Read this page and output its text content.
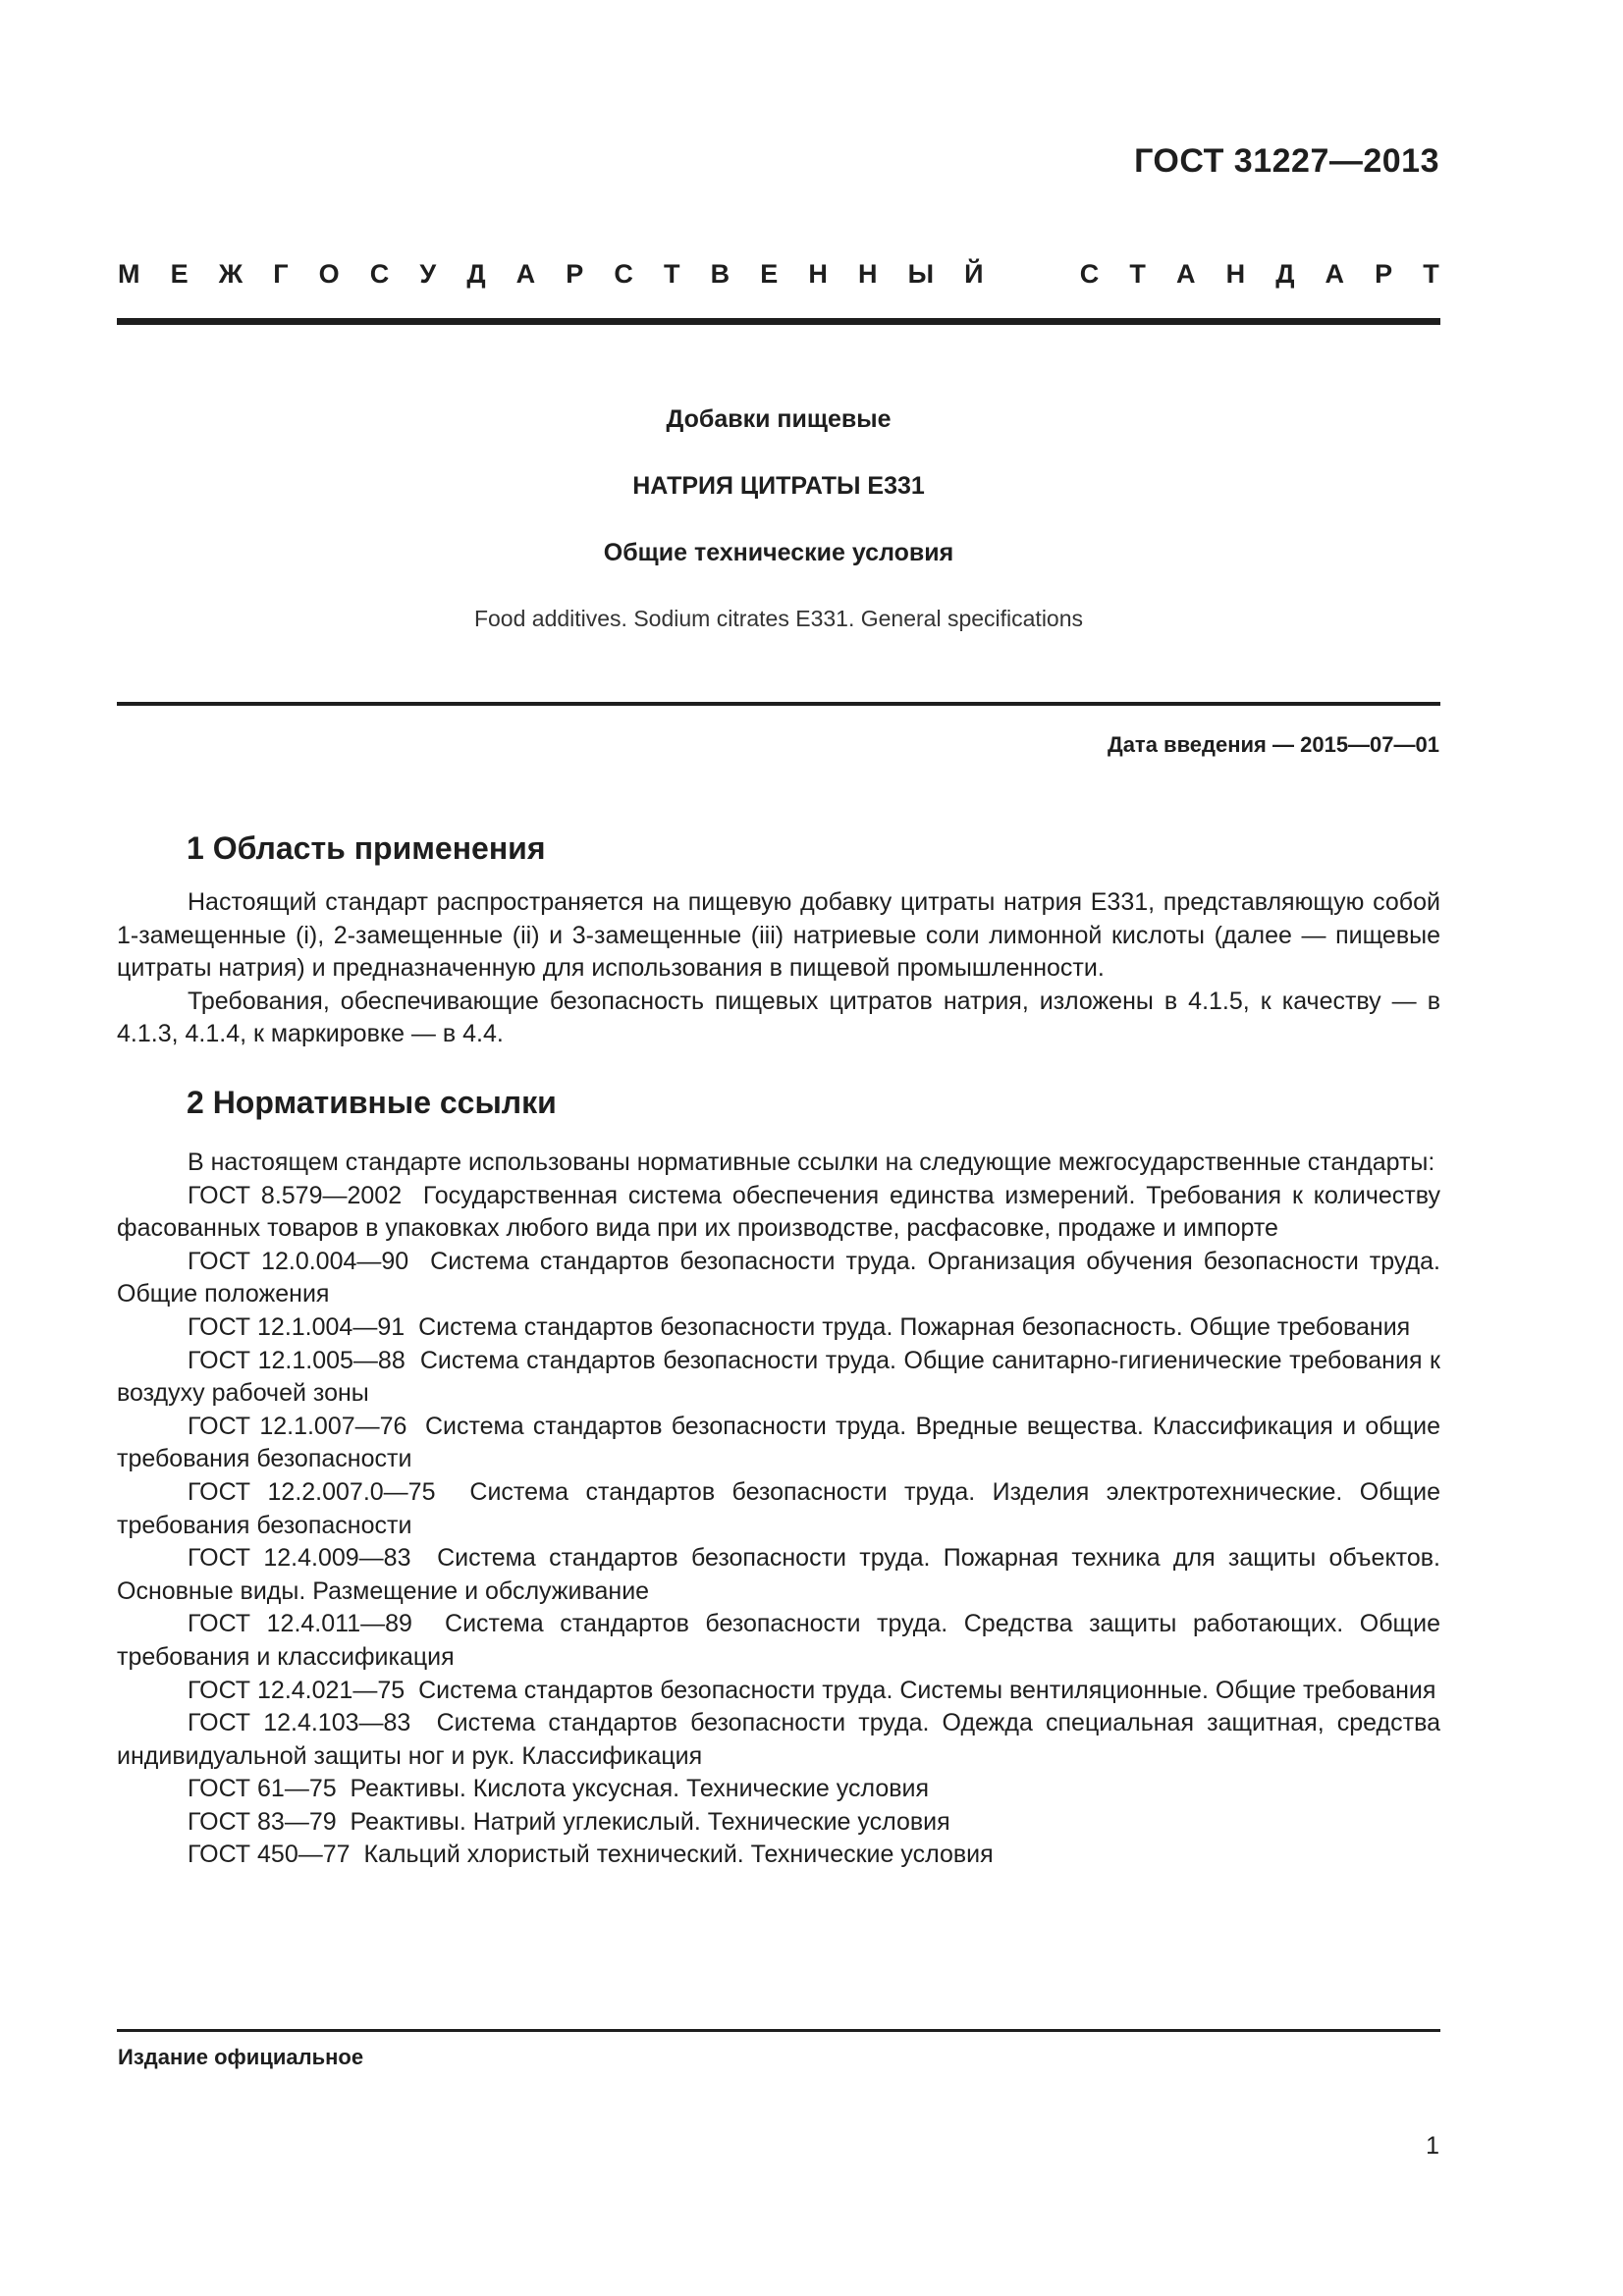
ГОСТ 31227—2013
М Е Ж Г О С У Д А Р С Т В Е Н Н Ы Й	С Т А Н Д А Р Т
Добавки пищевые
НАТРИЯ ЦИТРАТЫ Е331
Общие технические условия
Food additives. Sodium citrates E331. General specifications
Дата введения — 2015—07—01
1 Область применения

Настоящий стандарт распространяется на пищевую добавку цитраты натрия Е331, представляющую собой 1-замещенные (i), 2-замещенные (ii) и 3-замещенные (iii) натриевые соли лимонной кислоты (далее — пищевые цитраты натрия) и предназначенную для использования в пищевой промышленности.

Требования, обеспечивающие безопасность пищевых цитратов натрия, изложены в 4.1.5, к качеству — в 4.1.3, 4.1.4, к маркировке — в 4.4.

2 Нормативные ссылки

В настоящем стандарте использованы нормативные ссылки на следующие межгосударственные стандарты:

ГОСТ 8.579—2002 Государственная система обеспечения единства измерений. Требования к количеству фасованных товаров в упаковках любого вида при их производстве, расфасовке, продаже и импорте

ГОСТ 12.0.004—90 Система стандартов безопасности труда. Организация обучения безопасности труда. Общие положения

ГОСТ 12.1.004—91 Система стандартов безопасности труда. Пожарная безопасность. Общие требования

ГОСТ 12.1.005—88 Система стандартов безопасности труда. Общие санитарно-гигиенические требования к воздуху рабочей зоны

ГОСТ 12.1.007—76 Система стандартов безопасности труда. Вредные вещества. Классификация и общие требования безопасности

ГОСТ 12.2.007.0—75 Система стандартов безопасности труда. Изделия электротехнические. Общие требования безопасности

ГОСТ 12.4.009—83 Система стандартов безопасности труда. Пожарная техника для защиты объектов. Основные виды. Размещение и обслуживание

ГОСТ 12.4.011—89 Система стандартов безопасности труда. Средства защиты работающих. Общие требования и классификация

ГОСТ 12.4.021—75 Система стандартов безопасности труда. Системы вентиляционные. Общие требования

ГОСТ 12.4.103—83 Система стандартов безопасности труда. Одежда специальная защитная, средства индивидуальной защиты ног и рук. Классификация

ГОСТ 61—75 Реактивы. Кислота уксусная. Технические условия

ГОСТ 83—79 Реактивы. Натрий углекислый. Технические условия

ГОСТ 450—77 Кальций хлористый технический. Технические условия

Издание официальное
1
